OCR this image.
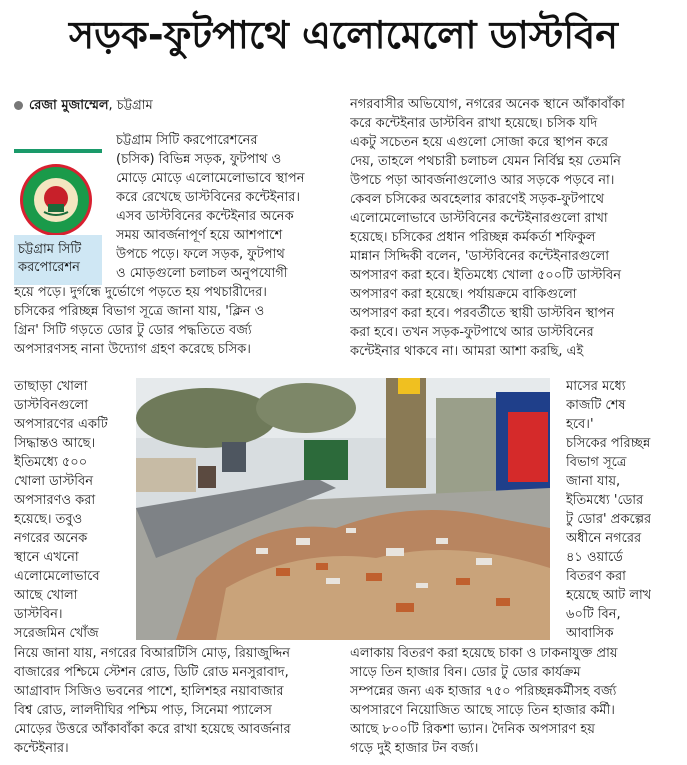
সড়ক-ফুটপাথে এলোমেলো ডাস্টবিন
রেজা মুজাম্মেল, চট্টগ্রাম
চট্টগ্রাম সিটি করপোরেশন
চট্টগ্রাম সিটি করপোরেশনের
(চসিক) বিভিন্ন সড়ক, ফুটপাথ ও
মোড়ে মোড়ে এলোমেলোভাবে স্থাপন
করে রেখেছে ডাস্টবিনের কন্টেইনার।
এসব ডাস্টবিনের কন্টেইনার অনেক
সময় আবর্জনাপূর্ণ হয়ে আশপাশে
উপচে পড়ে। ফলে সড়ক, ফুটপাথ
ও মোড়গুলো চলাচল অনুপযোগী
হয়ে পড়ে। দুর্গন্ধে দুর্ভোগে পড়তে হয় পথচারীদের।
চসিকের পরিচ্ছন্ন বিভাগ সূত্রে জানা যায়, 'ক্লিন ও
গ্রিন' সিটি গড়তে ডোর টু ডোর পদ্ধতিতে বর্জ্য
অপসারণসহ নানা উদ্যোগ গ্রহণ করেছে চসিক।
তাছাড়া খোলা
ডাস্টবিনগুলো
অপসারণের একটি
সিদ্ধান্তও আছে।
ইতিমধ্যে ৫০০
খোলা ডাস্টবিন
অপসারণও করা
হয়েছে। তবুও
নগরের অনেক
স্থানে এখনো
এলোমেলোভাবে
আছে খোলা
ডাস্টবিন।
সরেজমিন খোঁজ
নিয়ে জানা যায়, নগরের বিআরটিসি মোড়, রিয়াজুদ্দিন
বাজারের পশ্চিমে স্টেশন রোড, ডিটি রোড মনসুরাবাদ,
আগ্রাবাদ সিজিও ভবনের পাশে, হালিশহর নয়াবাজার
বিশ্ব রোড, লালদীঘির পশ্চিম পাড়, সিনেমা প্যালেস
মোড়ের উত্তরে আঁকাবাঁকা করে রাখা হয়েছে আবর্জনার
কন্টেইনার।
নগরবাসীর অভিযোগ, নগরের অনেক স্থানে আঁকাবাঁকা
করে কন্টেইনার ডাস্টবিন রাখা হয়েছে। চসিক যদি
একটু সচেতন হয়ে এগুলো সোজা করে স্থাপন করে
দেয়, তাহলে পথচারী চলাচল যেমন নির্বিঘ্ন হয় তেমনি
উপচে পড়া আবর্জনাগুলোও আর সড়কে পড়বে না।
কেবল চসিকের অবহেলার কারণেই সড়ক-ফুটপাথে
এলোমেলোভাবে ডাস্টবিনের কন্টেইনারগুলো রাখা
হয়েছে। চসিকের প্রধান পরিচ্ছন্ন কর্মকর্তা শফিকুল
মান্নান সিদ্দিকী বলেন, 'ডাস্টবিনের কন্টেইনারগুলো
অপসারণ করা হবে। ইতিমধ্যে খোলা ৫০০টি ডাস্টবিন
অপসারণ করা হয়েছে। পর্যায়ক্রমে বাকিগুলো
অপসারণ করা হবে। পরবর্তীতে স্থায়ী ডাস্টবিন স্থাপন
করা হবে। তখন সড়ক-ফুটপাথে আর ডাস্টবিনের
কন্টেইনার থাকবে না। আমরা আশা করছি, এই
মাসের মধ্যে
কাজটি শেষ
হবে।'
চসিকের পরিচ্ছন্ন
বিভাগ সূত্রে
জানা যায়,
ইতিমধ্যে 'ডোর
টু ডোর' প্রকল্পের
অধীনে নগরের
৪১ ওয়ার্ডে
বিতরণ করা
হয়েছে আট লাখ
৬০টি বিন,
আবাসিক
এলাকায় বিতরণ করা হয়েছে চাকা ও ঢাকনাযুক্ত প্রায়
সাড়ে তিন হাজার বিন। ডোর টু ডোর কার্যক্রম
সম্পন্নের জন্য এক হাজার ৭৫০ পরিচ্ছন্নকর্মীসহ বর্জ্য
অপসারণে নিয়োজিত আছে সাড়ে তিন হাজার কর্মী।
আছে ৮০০টি রিকশা ভ্যান। দৈনিক অপসারণ হয়
গড়ে দুই হাজার টন বর্জ্য।
